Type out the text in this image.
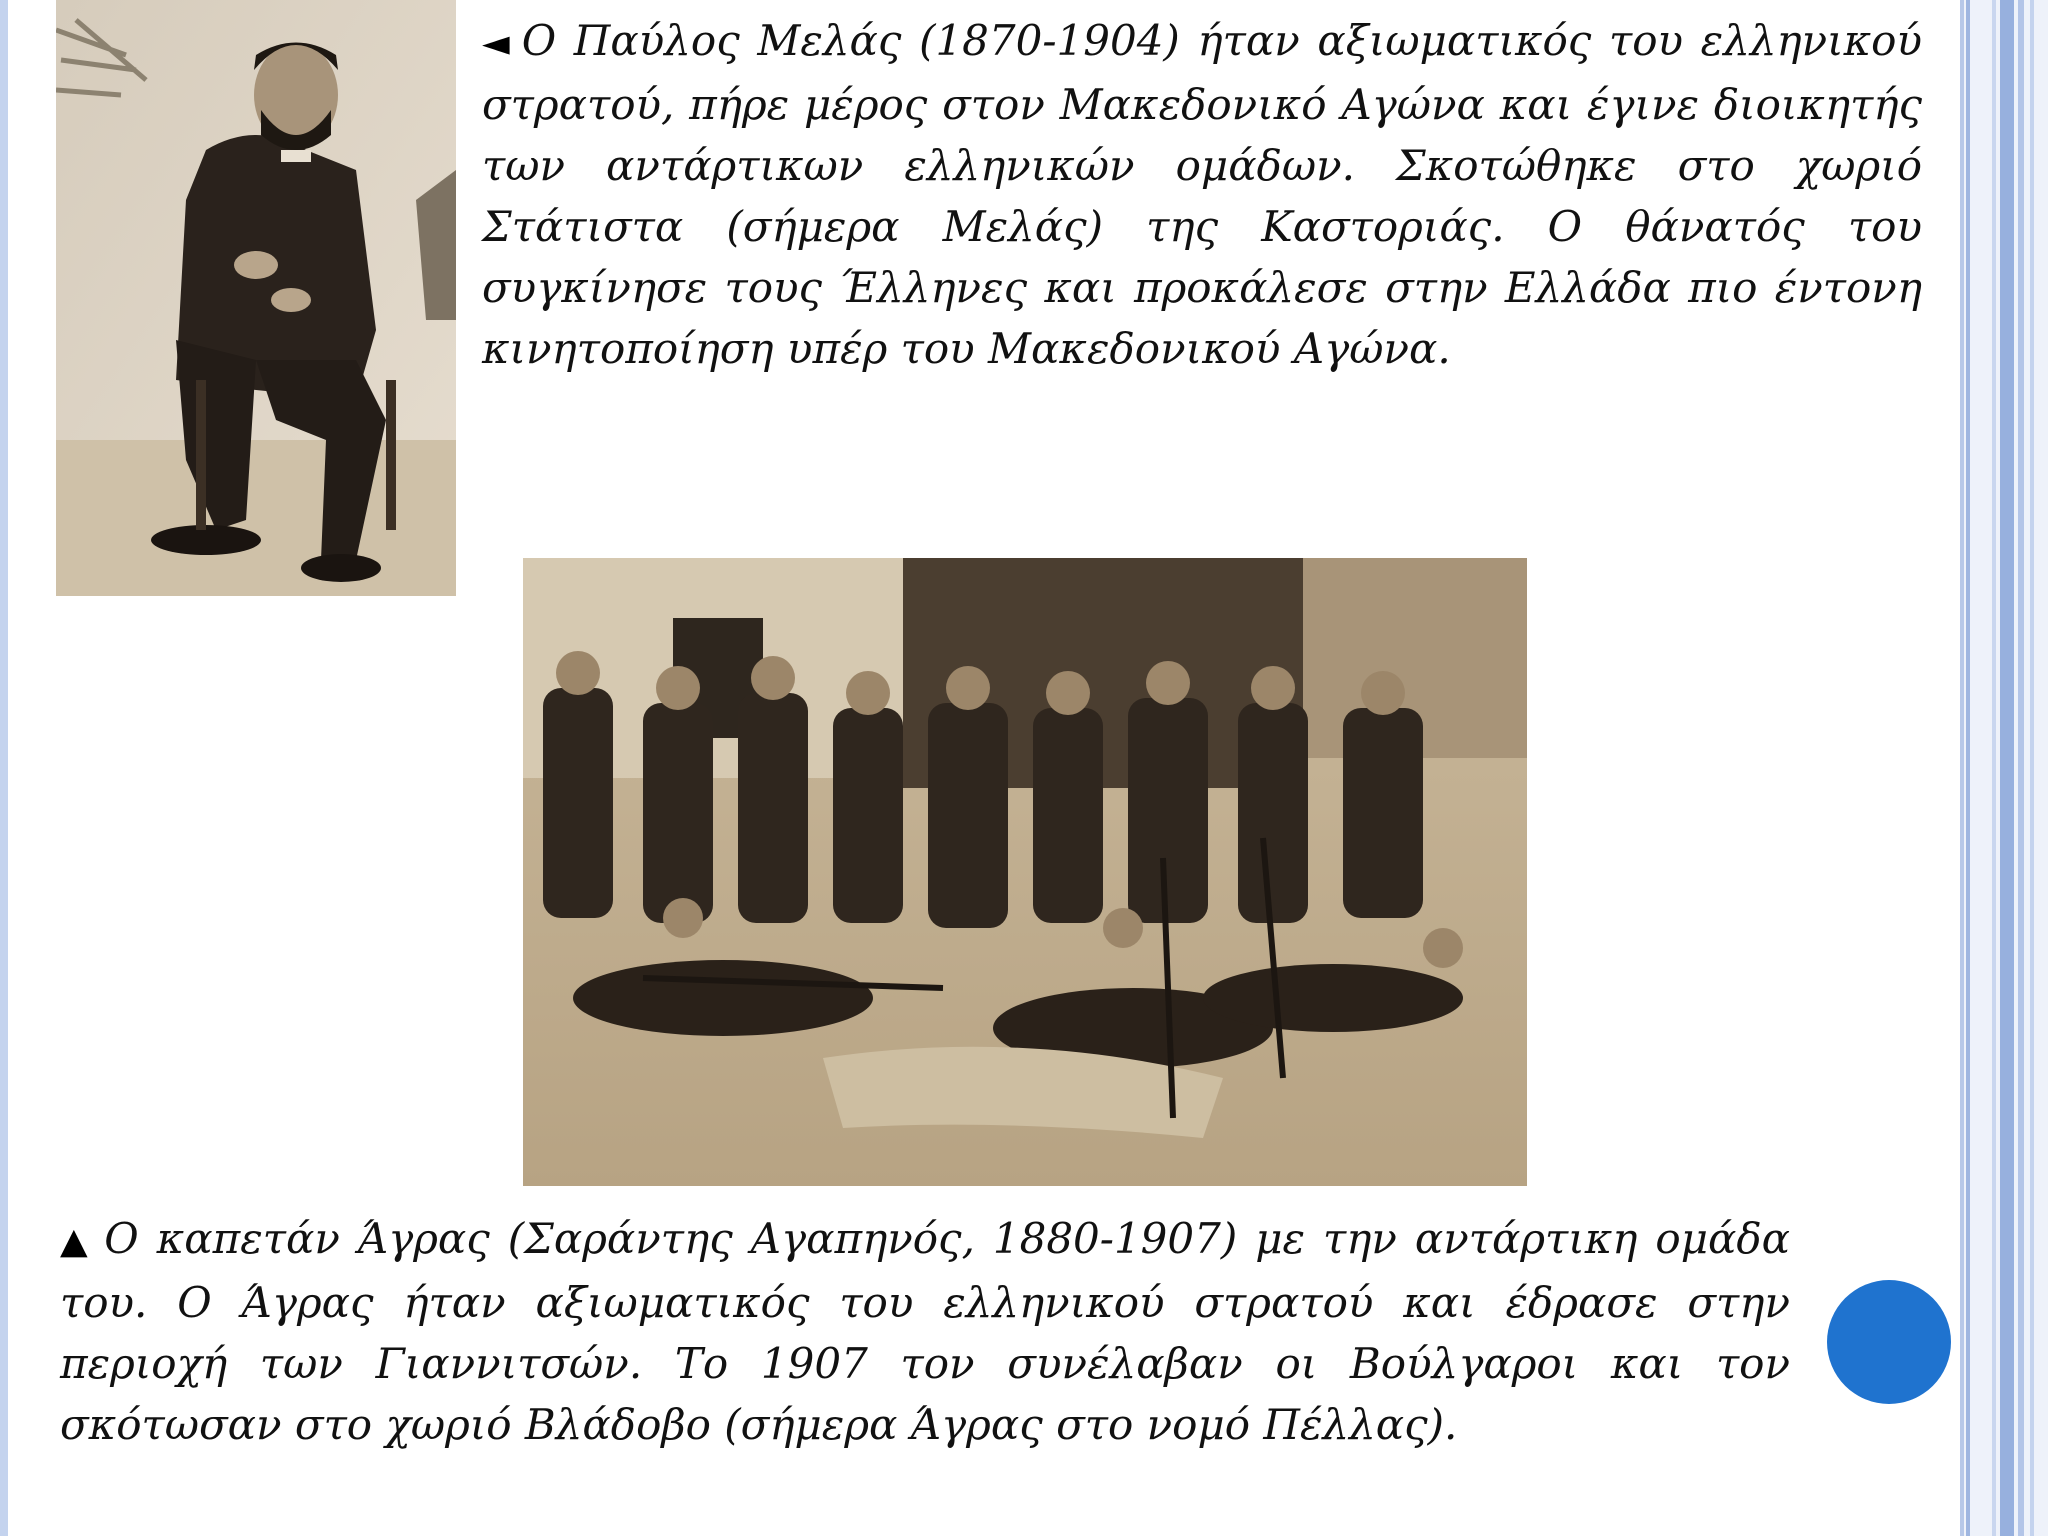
◄ Ο Παύλος Μελάς (1870-1904) ήταν αξιωματικός του ελληνικού στρατού, πήρε μέρος στον Μακεδονικό Αγώνα και έγινε διοικητής των αντάρτικων ελληνικών ομάδων. Σκοτώθηκε στο χωριό Στάτιστα (σήμερα Μελάς) της Καστοριάς. Ο θάνατός του συγκίνησε τους Έλληνες και προκάλεσε στην Ελλάδα πιο έντονη κινητοποίηση υπέρ του Μακεδονικού Αγώνα.

▲ Ο καπετάν Άγρας (Σαράντης Αγαπηνός, 1880-1907) με την αντάρτικη ομάδα του. Ο Άγρας ήταν αξιωματικός του ελληνικού στρατού και έδρασε στην περιοχή των Γιαννιτσών. Το 1907 τον συνέλαβαν οι Βούλγαροι και τον σκότωσαν στο χωριό Βλάδοβο (σήμερα Άγρας στο νομό Πέλλας).
